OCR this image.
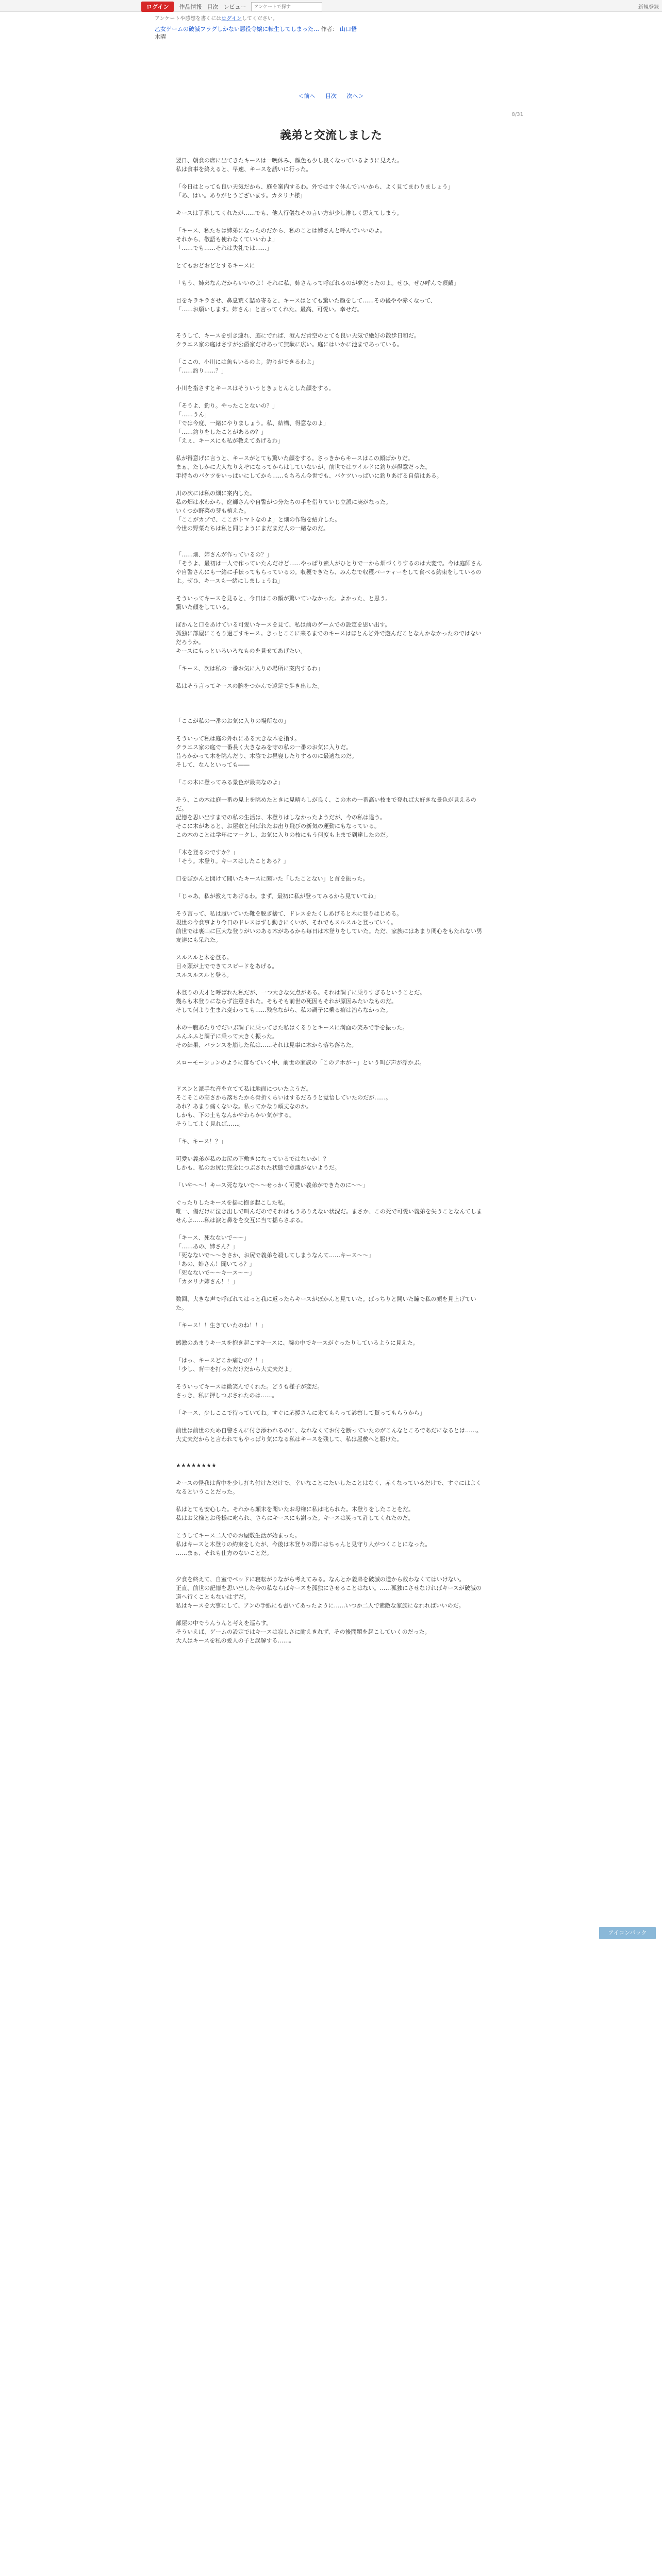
ログイン	作品情報 目次 レビュー
アンケートで探す	新規登録
アンケートや感想を書くにはログインしてください。
乙女ゲームの破滅フラグしかない悪役令嬢に転生してしまった… 作者： 山口悟
木曜
＜前へ 目次 次へ＞
8/31
義弟と交流しました

翌日、朝食の席に出てきたキースは一晩休み、顔色も少し良くなっているように見えた。

私は食事を終えると、早速、キースを誘いに行った。

「今日はとっても良い天気だから、庭を案内するわ。外ではすぐ休んでいいから、よく見てまわりましょう」

「あ、はい。ありがとうございます。カタリナ様」

キースは了承してくれたが……でも、他人行儀なその言い方が少し淋しく思えてしまう。

「キース、私たちは姉弟になったのだから、私のことは姉さんと呼んでいいのよ。

それから、敬語も使わなくていいわよ」

「……でも……それは失礼では……」

とてもおどおどとするキースに

「もう、姉弟なんだからいいのよ！それに私、姉さんって呼ばれるのが夢だったのよ。ぜひ、ぜひ呼んで頂戴」

目をキラキラさせ、鼻息荒く詰め寄ると、キースはとても驚いた顔をして……その後やや赤くなって、

「……お願いします。姉さん」と言ってくれた。最高、可愛い。幸せだ。

そうして、キースを引き連れ、庭にでれば、澄んだ青空のとても良い天気で絶好の散歩日和だ。

クラエス家の庭はさすが公爵家だけあって無駄に広い。庭にはいかに池まであっている。

「ここの、小川には魚もいるのよ。釣りができるわよ」

「……釣り……？」

小川を指さすとキースはそういうときょとんとした顔をする。

「そうよ、釣り。やったことないの？」

「……うん」

「では今度、一緒にやりましょう。私、結構、得意なのよ」

「……釣りをしたことがあるの？」

「えぇ、キースにも私が教えてあげるわ」

私が得意げに言うと、キースがとても驚いた顔をする。さっきからキースはこの顔ばかりだ。

まぁ、たしかに大人なりえぞになってからはしていないが、前世ではワイルドに釣りが得意だった。

手持ちのバケツをいっぱいにしてから……もちろん今世でも、バケツいっぱいに釣りあげる自信はある。

川の次には私の畑に案内した。

私の畑は水わから、庭師さんや自警がつ分たちの手を借りていじ立派に実がなった。

いくつか野菜の芽も植えた。

「ここがカブで、ここがトマトなのよ」と畑の作物を紹介した。

今世の野菜たちは私と同じようにまだまだ人の一緒なのだ。

「……畑、姉さんが作っているの？」

「そうよ、最初は一人で作っていたんだけど……やっぱり素人がひとりで一から畑づくりするのは大変で。今は庭師さんや自警さんにも一緒に手伝ってもらっているの。収穫できたら、みんなで収穫パーティーをして食べる約束をしているのよ。ぜひ、キースも一緒にしましょうね」

そういってキースを見ると、今日はこの顔が驚いていなかった。よかった、と思う。

驚いた顔をしている。

ぼかんと口をあけている可愛いキースを見て、私は前のゲームでの設定を思い出す。

孤独に部屋にこもり過ごすキース。きっとここに来るまでのキースはほとんど外で遊んだことなんかなかったのではないだろうか。

キースにもっといろいろなものを見せてあげたい。

「キース、次は私の一番お気に入りの場所に案内するわ」

私はそう言ってキースの腕をつかんで遠足で歩き出した。

「ここが私の一番のお気に入りの場所なの」

そういって私は庭の外れにある大きな木を指す。

クラエス家の庭で一番長く大きなみを守の私の一番のお気に入りだ。

昔ろかかって木を眺んだり、木陰でお昼寝したりするのに最適なのだ。

そして、なんといっても――

「この木に登ってみる景色が最高なのよ」

そう、この木は庭一番の見上を眺めたときに見晴らしが良く、この木の一番高い枝まで登れば大好きな景色が見えるのだ。

記憶を思い出すまでの私の生活は、木登りはしなかったようだが、今の私は違う。

そこに木があると、お屋敷と何ばれたお出り飛びの新気の運動にもなっている。

この木のことは学年にマークし、お気に入りの枝にもう何度も上まで到達したのだ。

「木を登るのですか？」

「そう。木登り。キースはしたことある？」

口をぽかんと開けて聞いたキースに聞いた「したことない」と首を振った。

「じゃあ、私が教えてあげるわ。まず、最初に私が登ってみるから見ていてね」

そう言って、私は履いていた靴を脱ぎ捨て、ドレスをたくしあげると木に登りはじめる。

現世の今食事より今日のドレスはずし動きにくいが、それでもスルスルと登っていく。

前世では裏山に巨大な登りがいのある木があるから毎日は木登りをしていた。ただ、家族にはあまり関心をもたれない男友達にも呆れた。

スルスルと木を登る。

目々頭が上でできてスピードをあげる。

スルスルスルと登る。

木登りの天才と呼ばれた私だが、一つ大きな欠点がある。それは調子に乗りすぎるということだ。

幾らも木登りにならず注意された。そもそも前世の死因もそれが原因みたいなものだ。

そして何より生まれ変わっても……残念ながら、私の調子に乗る癖は治らなかった。

木の中腹あたりでだいぶ調子に乗ってきた私はくるりとキースに満面の笑みで手を振った。

ふんふふと調子に乗って大きく振った。

その結果、バランスを崩した私は……それは見事に木から落ち落ちた。

スローモーションのように落ちていく中、前世の家族の「このアホが～」という叫び声が浮かぶ。

ドスンと派手な音を立てて私は地面についたようだ。

そこそこの高さから落ちたから骨折くらいはするだろうと覚悟していたのだが……。

あれ？あまり痛くないな。私ってかなり頑丈なのか。

しかも、下の土もなんかやわらかい気がする。

そうしてよく見れば……。

「キ、キース！？」

可愛い義弟が私のお尻の下敷きになっているではないか！？

しかも、私のお尻に完全につぶされた状態で意識がないようだ。

「いや～～！キース死なないで～～せっかく可愛い義弟ができたのに～～」

ぐったりしたキースを揺に抱き起こした私。

唯一、傷だけに泣き出しで叫んだのでそれはもうありえない状況だ。まさか、この死で可愛い義弟を失うことなんてしませんよ……私は涙と鼻をを交互に当て揺らさぶる。

「キース、死なないで～～」

「……あの、姉さん？」

「死なないで～～きさか、お尻で義弟を殺してしまうなんて……キース～～」

「あの、姉さん！聞いてる？」

「死なないで～～キース～～」

「カタリナ姉さん！！」

数回、大きな声で呼ばれてはっと我に返ったらキースがぼかんと見ていた。ぱっちりと開いた瞳で私の顔を見上げていた。

「キース！！生きていたのね！！」

感激のあまりキースを抱き起こすキースに、腕の中でキースがぐったりしているように見えた。

「はっ、キースどこか痛むの？！」

「少し、背中を打っただけだから大丈夫だよ」

そういってキースは微笑んでくれた。どうも様子が変だ。

さっき、私に押しつぶされたのは……。

「キース、少しここで待っていてね。すぐに応援さんに来てもらって診察して貰ってもらうから」

前世は前世のため自警さんに付き添われるのに、なれなくてお付を断っていたのがこんなところであだになるとは……。

大丈夫だからと言われてもやっぱり気になる私はキースを残して、私は屋敷へと駆けた。

★★★★★★★★

キースの怪我は背中を少し打ち付けただけで、幸いなことにたいしたことはなく、赤くなっているだけで、すぐにはよくなるということだった。

私はとても安心した。それから顛末を聞いたお母様に私は叱られた。木登りをしたことをだ。

私はお父様とお母様に叱られ、さらにキースにも謝った。キースは笑って許してくれたのだ。

こうしてキース二人でのお屋敷生活が始まった。

私はキースと木登りの約束をしたが、今後は木登りの際にはちゃんと見守り人がつくことになった。

……まぁ、それも仕方のないことだ。

夕食を終えて、自室でベッドに寝転がりながら考えてみる。なんとか義弟を破滅の道から救わなくてはいけない。

正直、前世の記憶を思い出した今の私ならばキースを孤独にさせることはない。……孤独にさせなければキースが破滅の道へ行くこともないはずだ。

私はキースを大事にして、アンの手紙にも書いてあったように……いつか二人で素敵な家族になれればいいのだ。

部屋の中でうんうんと考えを巡らす。

そういえば、ゲームの設定ではキースは寂しさに耐えきれず、その後問題を起こしていくのだった。

大人はキースを私の愛人の子と誤解する……。

アイコンバック
